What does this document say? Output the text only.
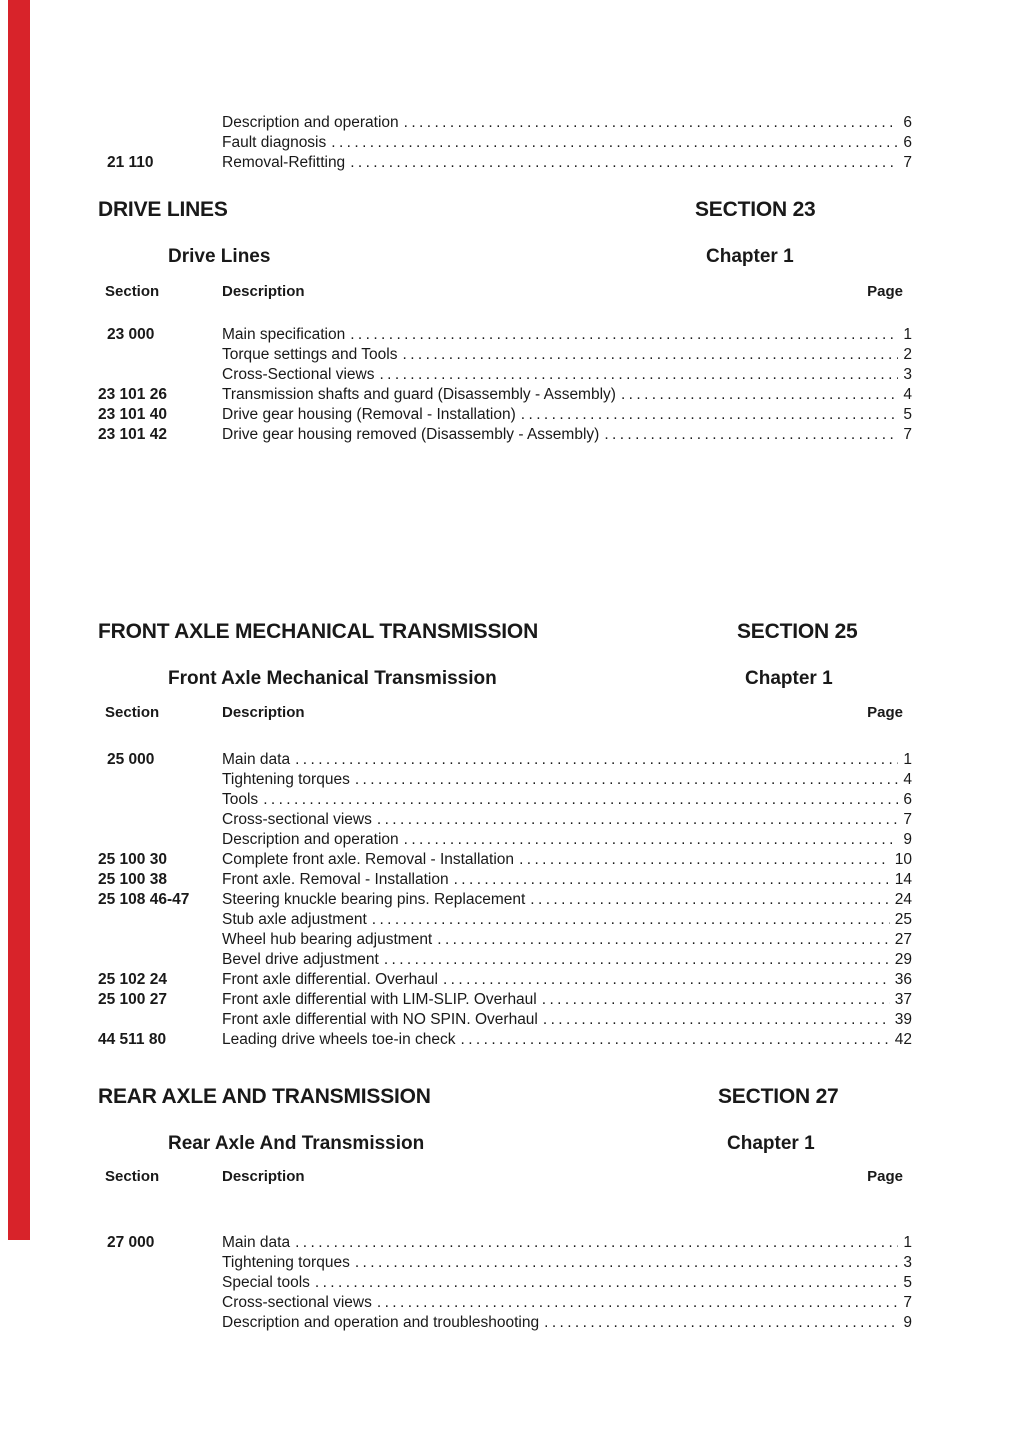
Description and operation .....	6
Fault diagnosis .....	6
21 110	Removal-Refitting .....	7
DRIVE LINES	SECTION 23
Drive Lines	Chapter 1
Section	Description	Page
23 000	Main specification .....	1
Torque settings and Tools .....	2
Cross-Sectional views .....	3
23 101 26	Transmission shafts and guard (Disassembly - Assembly) .....	4
23 101 40	Drive gear housing (Removal - Installation) .....	5
23 101 42	Drive gear housing removed (Disassembly - Assembly) .....	7
FRONT AXLE MECHANICAL TRANSMISSION	SECTION 25
Front Axle Mechanical Transmission	Chapter 1
Section	Description	Page
25 000	Main data .....	1
Tightening torques .....	4
Tools .....	6
Cross-sectional views .....	7
Description and operation .....	9
25 100 30	Complete front axle. Removal - Installation .....	10
25 100 38	Front axle. Removal - Installation .....	14
25 108 46-47	Steering knuckle bearing pins. Replacement .....	24
Stub axle adjustment .....	25
Wheel hub bearing adjustment .....	27
Bevel drive adjustment .....	29
25 102 24	Front axle differential. Overhaul .....	36
25 100 27	Front axle differential with LIM-SLIP. Overhaul .....	37
Front axle differential with NO SPIN. Overhaul .....	39
44 511 80	Leading drive wheels toe-in check .....	42
REAR AXLE AND TRANSMISSION	SECTION 27
Rear Axle And Transmission	Chapter 1
Section	Description	Page
27 000	Main data .....	1
Tightening torques .....	3
Special tools .....	5
Cross-sectional views .....	7
Description and operation and troubleshooting .....	9
